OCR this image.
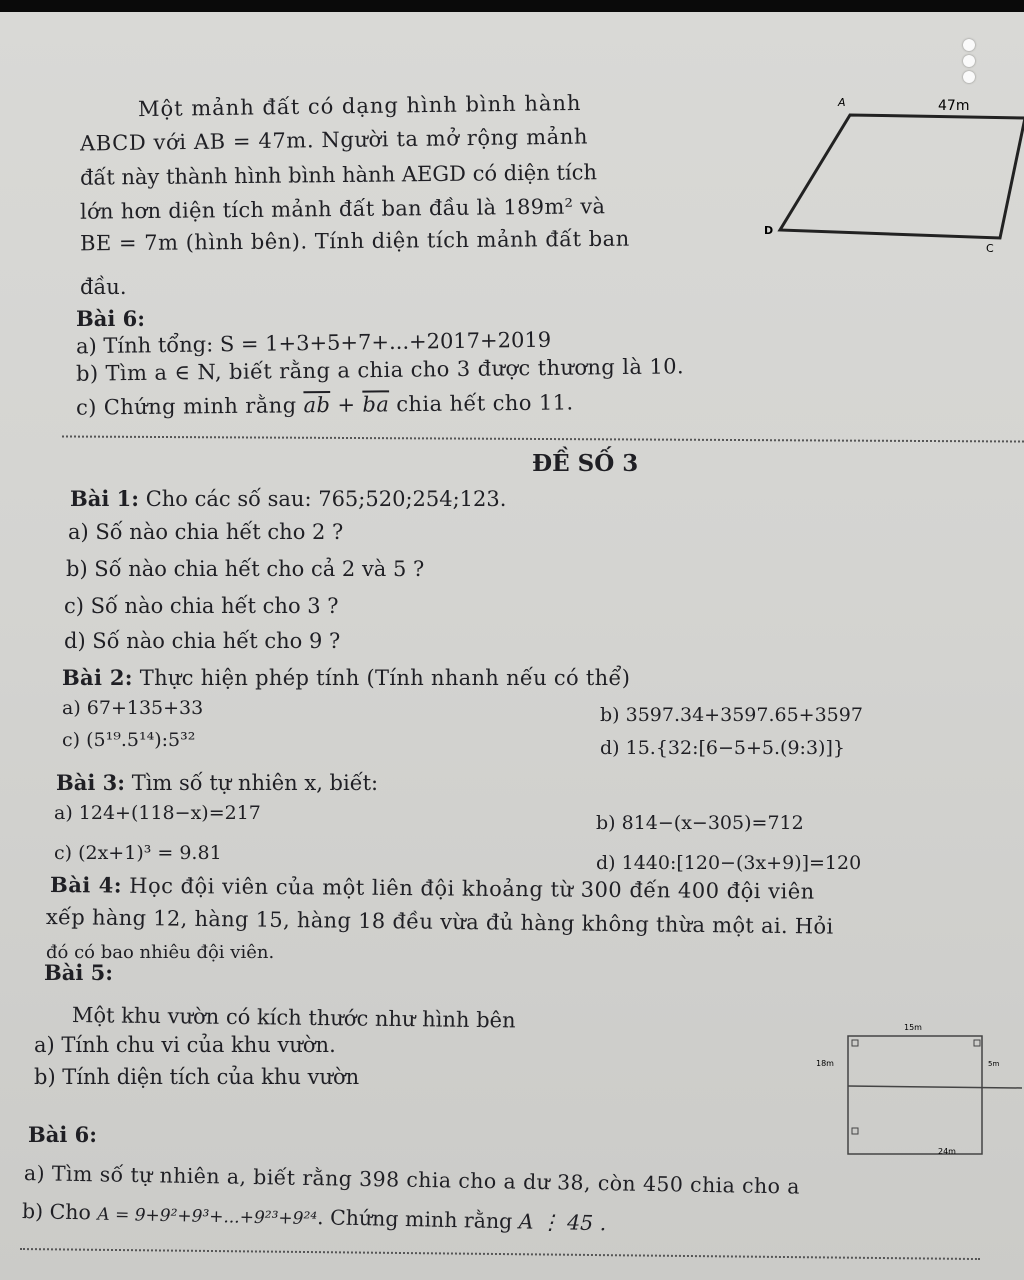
Một mảnh đất có dạng hình bình hành
ABCD với AB = 47m. Người ta mở rộng mảnh
đất này thành hình bình hành AEGD có diện tích
lớn hơn diện tích mảnh đất ban đầu là 189m² và
BE = 7m (hình bên). Tính diện tích mảnh đất ban
đầu.
A	47m
D
C
Bài 6:
a) Tính tổng: S = 1+3+5+7+...+2017+2019
b) Tìm a ∈ N, biết rằng a chia cho 3 được thương là 10.
c) Chứng minh rằng $\overline{ab} + \overline{ba}$ chia hết cho 11.
ĐỀ SỐ 3
Bài 1: Cho các số sau: 765;520;254;123.
a) Số nào chia hết cho 2 ?
b) Số nào chia hết cho cả 2 và 5 ?
c) Số nào chia hết cho 3 ?
d) Số nào chia hết cho 9 ?
Bài 2: Thực hiện phép tính (Tính nhanh nếu có thể)
a) 67+135+33	b) 3597.34+3597.65+3597
c) (5¹⁹.5¹⁴):5³²	d) 15.{32:[6−5+5.(9:3)]}
Bài 3: Tìm số tự nhiên x, biết:
a) 124+(118−x)=217	b) 814−(x−305)=712
c) (2x+1)³ = 9.81	d) 1440:[120−(3x+9)]=120
Bài 4: Học đội viên của một liên đội khoảng từ 300 đến 400 đội viên
xếp hàng 12, hàng 15, hàng 18 đều vừa đủ hàng không thừa một ai. Hỏi
đó có bao nhiêu đội viên.
Bài 5:
Một khu vườn có kích thước như hình bên
a) Tính chu vi của khu vườn.
b) Tính diện tích của khu vườn
15m
18m	5m
24m
Bài 6:
a) Tìm số tự nhiên a, biết rằng 398 chia cho a dư 38, còn 450 chia cho a
b) Cho A = 9+9²+9³+...+9²³+9²⁴. Chứng minh rằng A ⋮ 45 .
